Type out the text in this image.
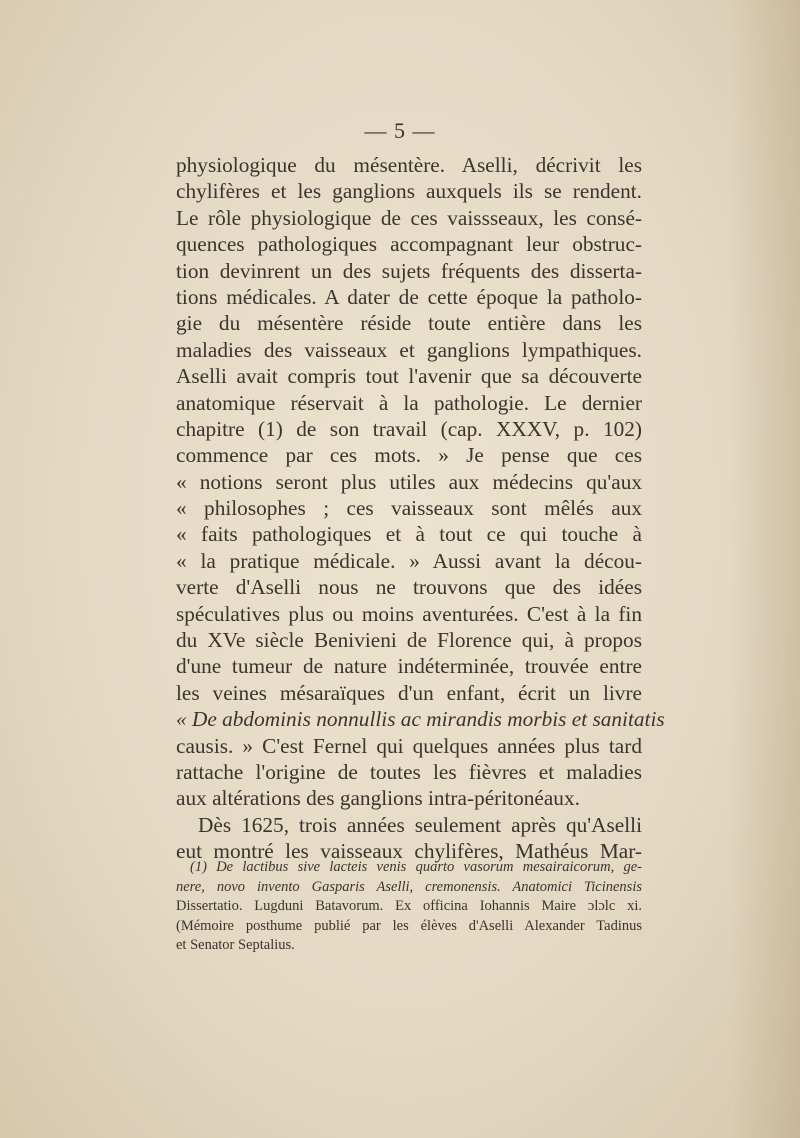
— 5 —
physiologique du mésentère. Aselli, décrivit les
chylifères et les ganglions auxquels ils se rendent.
Le rôle physiologique de ces vaissseaux, les consé-
quences pathologiques accompagnant leur obstruc-
tion devinrent un des sujets fréquents des disserta-
tions médicales. A dater de cette époque la patholo-
gie du mésentère réside toute entière dans les
maladies des vaisseaux et ganglions lympathiques.
Aselli avait compris tout l'avenir que sa découverte
anatomique réservait à la pathologie. Le dernier
chapitre (1) de son travail (cap. XXXV, p. 102)
commence par ces mots. » Je pense que ces
« notions seront plus utiles aux médecins qu'aux
« philosophes ; ces vaisseaux sont mêlés aux
« faits pathologiques et à tout ce qui touche à
« la pratique médicale. » Aussi avant la décou-
verte d'Aselli nous ne trouvons que des idées
spéculatives plus ou moins aventurées. C'est à la fin
du XVe siècle Benivieni de Florence qui, à propos
d'une tumeur de nature indéterminée, trouvée entre
les veines mésaraïques d'un enfant, écrit un livre
« De abdominis nonnullis ac mirandis morbis et sanitatis
causis. » C'est Fernel qui quelques années plus tard
rattache l'origine de toutes les fièvres et maladies
aux altérations des ganglions intra-péritonéaux.
Dès 1625, trois années seulement après qu'Aselli
eut montré les vaisseaux chylifères, Mathéus Mar-
(1) De lactibus sive lacteis venis quarto vasorum mesairaicorum, ge-
nere, novo invento Gasparis Aselli, cremonensis. Anatomici Ticinensis
Dissertatio. Lugduni Batavorum. Ex officina Iohannis Maire ɔlɔlc xi.
(Mémoire posthume publié par les élèves d'Aselli Alexander Tadinus
et Senator Septalius.
